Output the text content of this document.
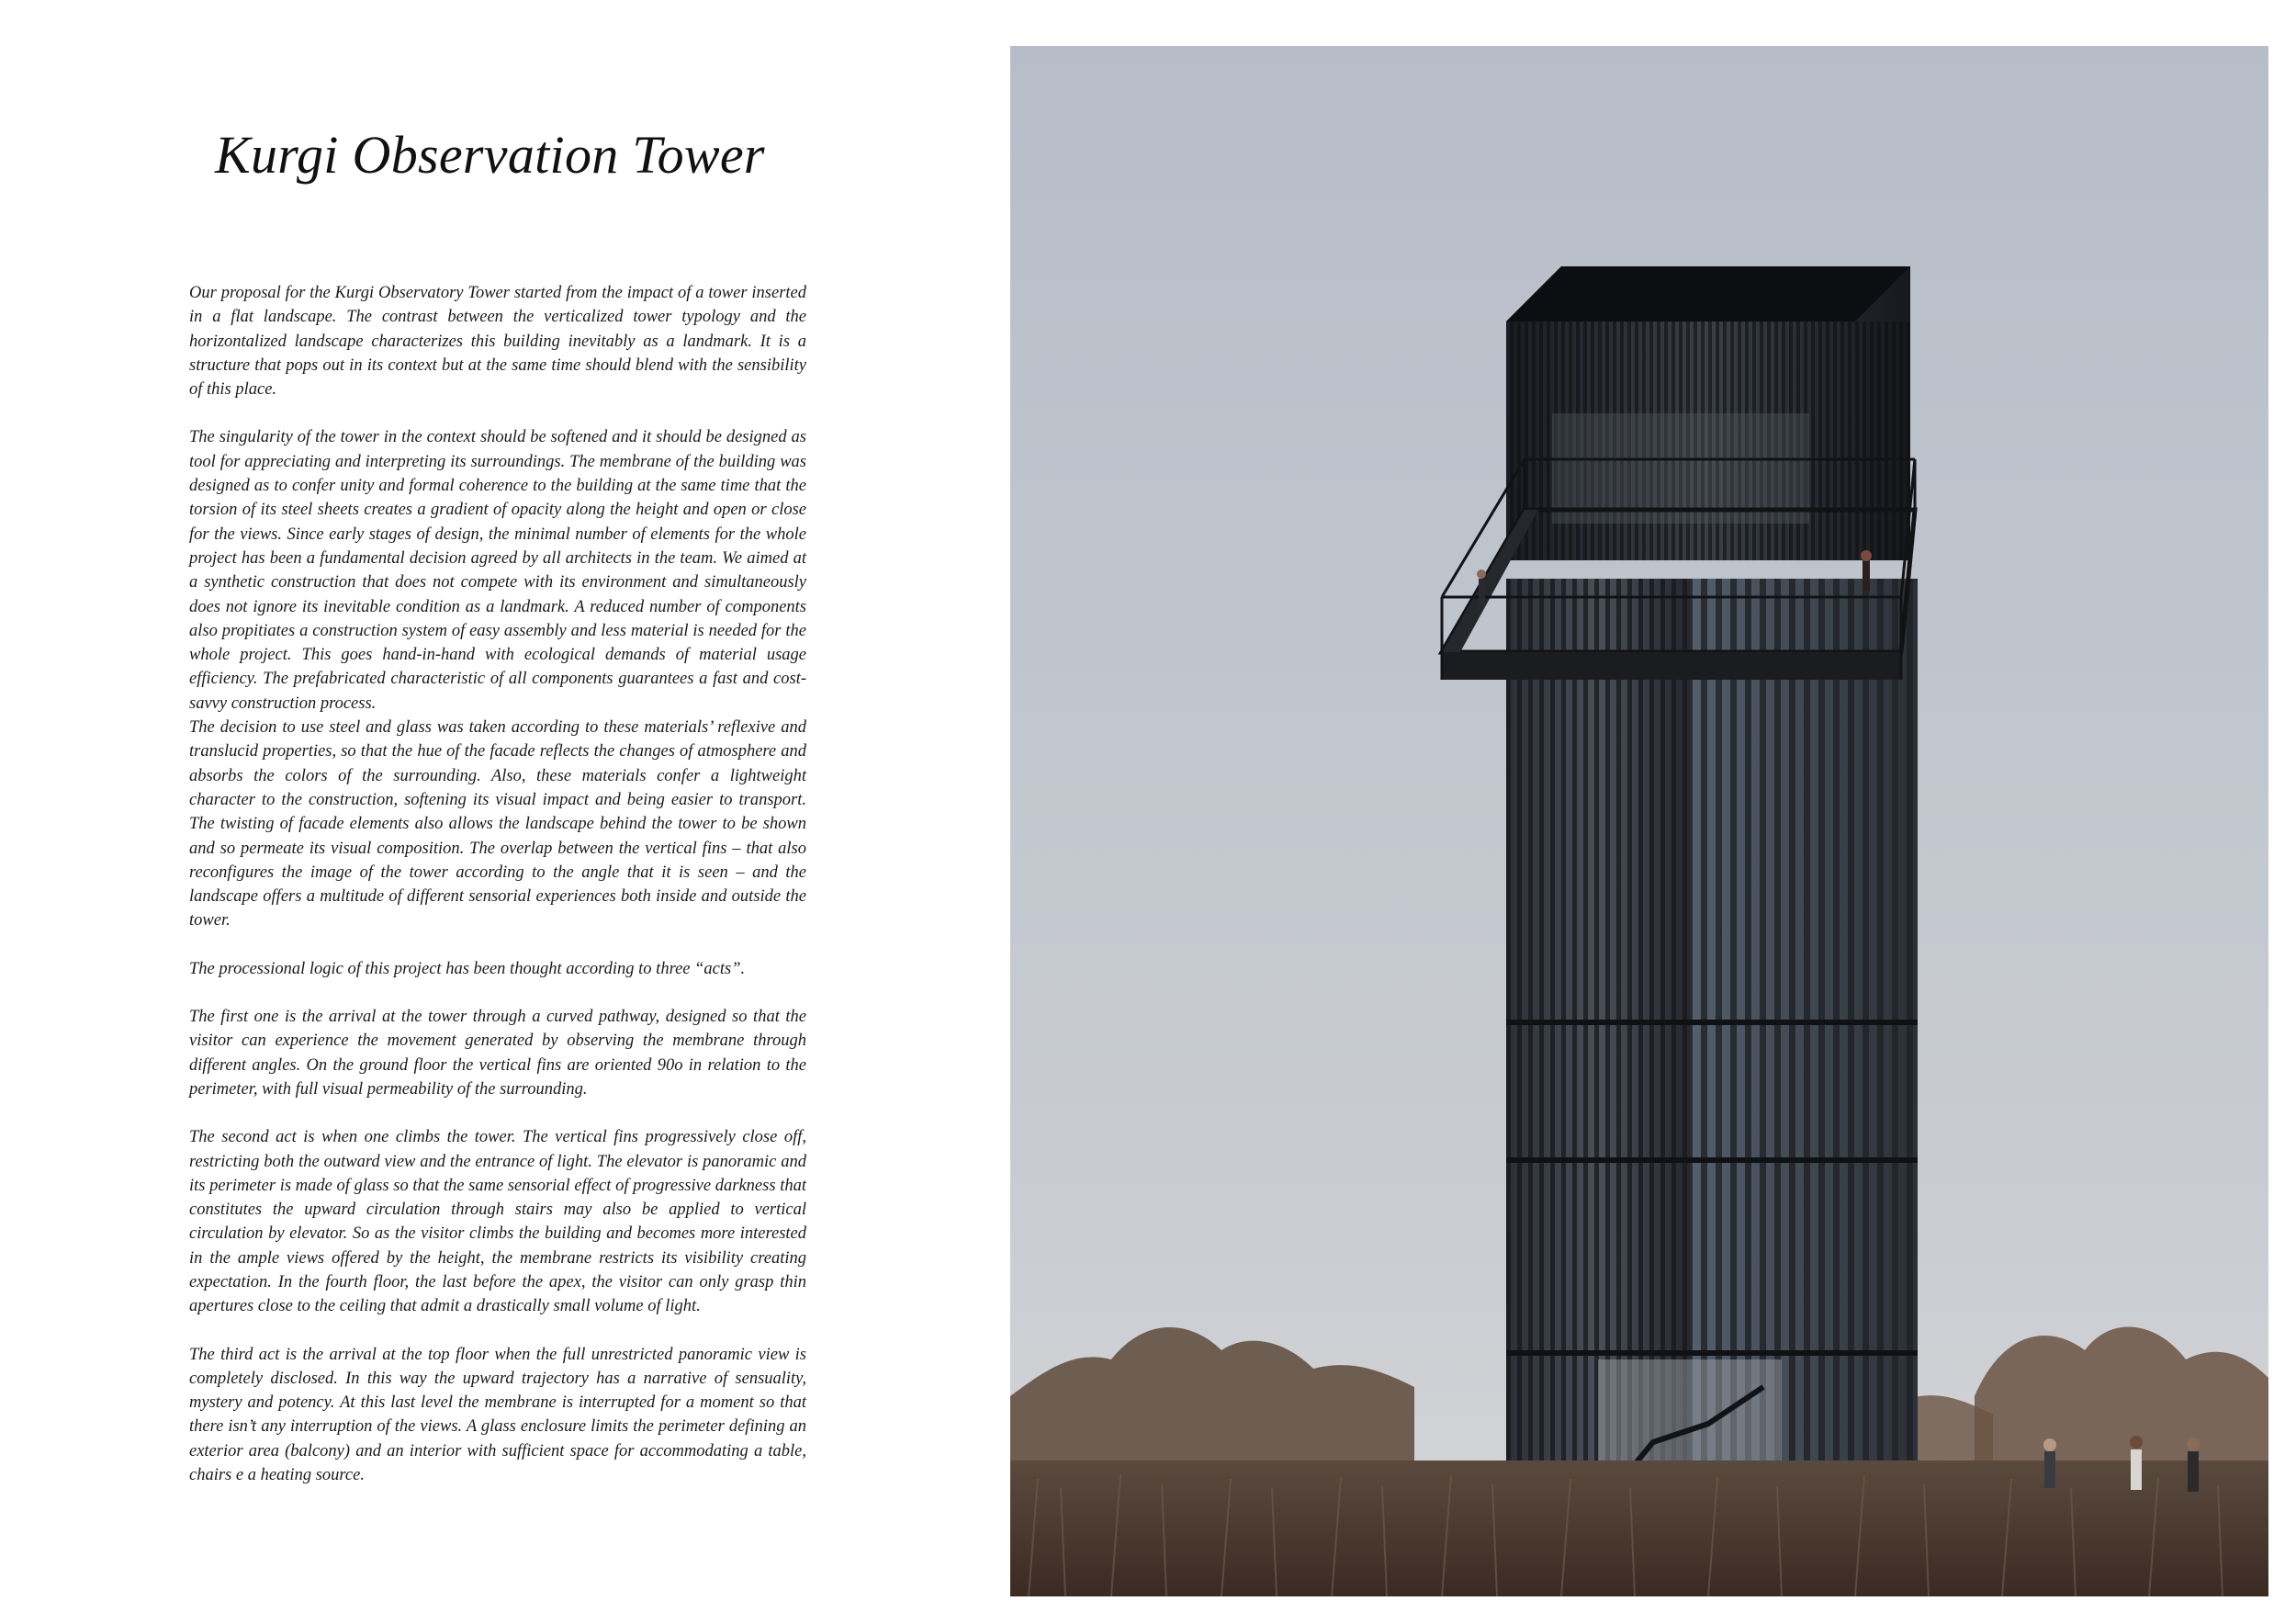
Kurgi Observation Tower

Our proposal for the Kurgi Observatory Tower started from the impact of a tower inserted in a flat landscape. The contrast between the verticalized tower typology and the horizontalized landscape characterizes this building inevitably as a landmark. It is a structure that pops out in its context but at the same time should blend with the sensibility of this place.

The singularity of the tower in the context should be softened and it should be designed as tool for appreciating and interpreting its surroundings. The membrane of the building was designed as to confer unity and formal coherence to the building at the same time that the torsion of its steel sheets creates a gradient of opacity along the height and open or close for the views. Since early stages of design, the minimal number of elements for the whole project has been a fundamental decision agreed by all architects in the team. We aimed at a synthetic construction that does not compete with its environment and simultaneously does not ignore its inevitable condition as a landmark. A reduced number of components also propitiates a construction system of easy assembly and less material is needed for the whole project. This goes hand-in-hand with ecological demands of material usage efficiency. The prefabricated characteristic of all components guarantees a fast and cost-savvy construction process.

The decision to use steel and glass was taken according to these materials’ reflexive and translucid properties, so that the hue of the facade reflects the changes of atmosphere and absorbs the colors of the surrounding. Also, these materials confer a lightweight character to the construction, softening its visual impact and being easier to transport. The twisting of facade elements also allows the landscape behind the tower to be shown and so permeate its visual composition. The overlap between the vertical fins – that also reconfigures the image of the tower according to the angle that it is seen – and the landscape offers a multitude of different sensorial experiences both inside and outside the tower.

The processional logic of this project has been thought according to three “acts”.

The first one is the arrival at the tower through a curved pathway, designed so that the visitor can experience the movement generated by observing the membrane through different angles. On the ground floor the vertical fins are oriented 90o in relation to the perimeter, with full visual permeability of the surrounding.

The second act is when one climbs the tower. The vertical fins progressively close off, restricting both the outward view and the entrance of light. The elevator is panoramic and its perimeter is made of glass so that the same sensorial effect of progressive darkness that constitutes the upward circulation through stairs may also be applied to vertical circulation by elevator. So as the visitor climbs the building and becomes more interested in the ample views offered by the height, the membrane restricts its visibility creating expectation. In the fourth floor, the last before the apex, the visitor can only grasp thin apertures close to the ceiling that admit a drastically small volume of light.

The third act is the arrival at the top floor when the full unrestricted panoramic view is completely disclosed. In this way the upward trajectory has a narrative of sensuality, mystery and potency. At this last level the membrane is interrupted for a moment so that there isn’t any interruption of the views. A glass enclosure limits the perimeter defining an exterior area (balcony) and an interior with sufficient space for accommodating a table, chairs e a heating source.
